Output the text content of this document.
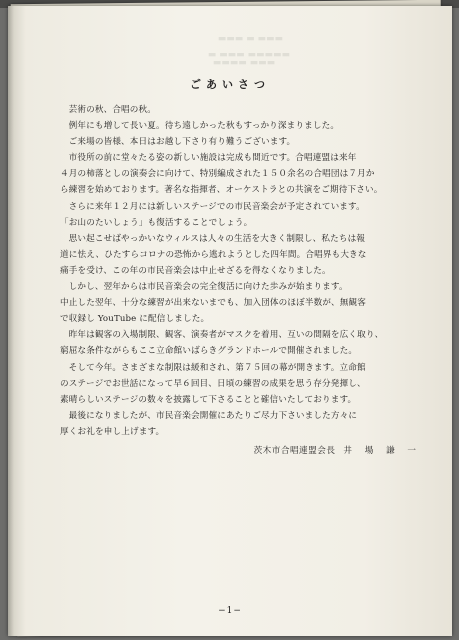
▬▬▬ ▬ ▬▬▬
▬▬▬▬▬ ▬▬▬ ▬
▬▬▬ ▬▬▬▬
ごあいさつ

芸術の秋、合唱の秋。

例年にも増して長い夏。待ち遠しかった秋もすっかり深まりました。

ご来場の皆様、本日はお越し下さり有り難うございます。

市役所の前に堂々たる姿の新しい施設は完成も間近です。合唱連盟は来年

４月の柿落としの演奏会に向けて、特別編成された１５０余名の合唱団は７月か

ら練習を始めております。著名な指揮者、オーケストラとの共演をご期待下さい。

さらに来年１２月には新しいステージでの市民音楽会が予定されています。

「お山のたいしょう」も復活することでしょう。

思い起こせばやっかいなウィルスは人々の生活を大きく制限し、私たちは報

道に怯え、ひたすらコロナの恐怖から逃れようとした四年間。合唱界も大きな

痛手を受け、この年の市民音楽会は中止せざるを得なくなりました。

しかし、翌年からは市民音楽会の完全復活に向けた歩みが始まります。

中止した翌年、十分な練習が出来ないまでも、加入団体のほぼ半数が、無観客

で収録し YouTube に配信しました。

昨年は観客の入場制限、観客、演奏者がマスクを着用、互いの間隔を広く取り、

窮屈な条件ながらもここ立命館いばらきグランドホールで開催されました。

そして今年。さまざまな制限は緩和され、第７５回の幕が開きます。立命館

のステージでお世話になって早６回目、日頃の練習の成果を思う存分発揮し、

素晴らしいステージの数々を披露して下さることと確信いたしております。

最後になりましたが、市民音楽会開催にあたりご尽力下さいました方々に

厚くお礼を申し上げます。

茨木市合唱連盟会長 井 場 謙 一

−1−
